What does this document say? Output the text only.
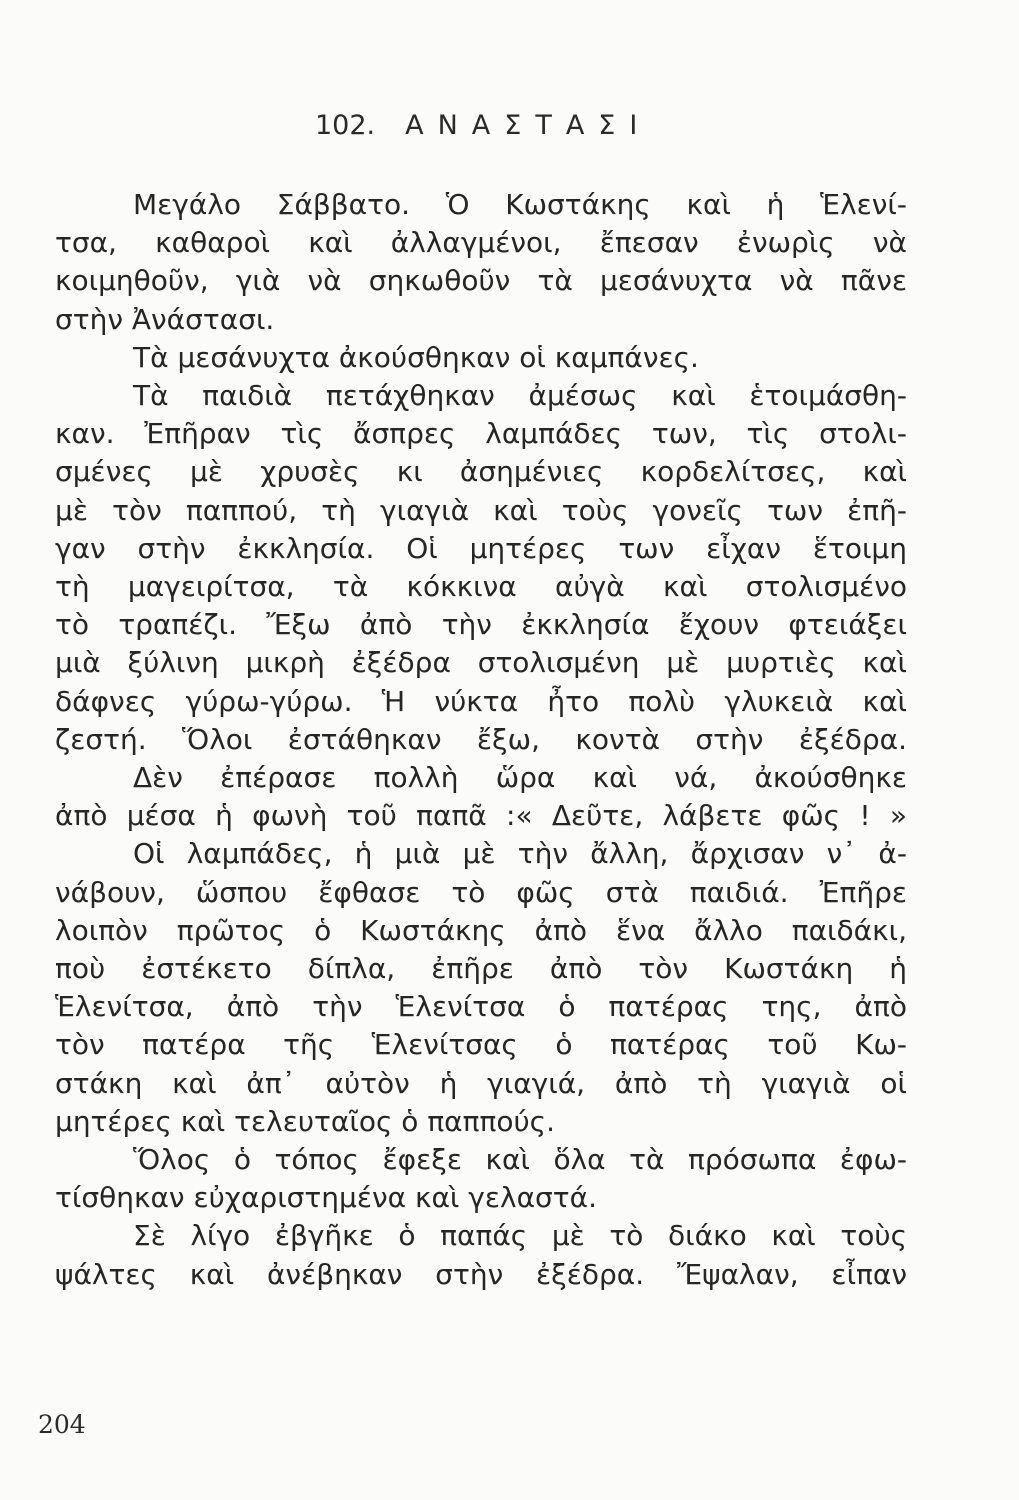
102. ΑΝΑΣΤΑΣΙ
Μεγάλο Σάββατο. Ὁ Κωστάκης καὶ ἡ Ἑλενί-
τσα, καθαροὶ καὶ ἀλλαγμένοι, ἔπεσαν ἐνωρὶς νὰ
κοιμηθοῦν, γιὰ νὰ σηκωθοῦν τὰ μεσάνυχτα νὰ πᾶνε
στὴν Ἀνάστασι.
Τὰ μεσάνυχτα ἀκούσθηκαν οἱ καμπάνες.
Τὰ παιδιὰ πετάχθηκαν ἀμέσως καὶ ἑτοιμάσθη-
καν. Ἐπῆραν τὶς ἄσπρες λαμπάδες των, τὶς στολι-
σμένες μὲ χρυσὲς κι ἀσημένιες κορδελίτσες, καὶ
μὲ τὸν παππού, τὴ γιαγιὰ καὶ τοὺς γονεῖς των ἐπῆ-
γαν στὴν ἐκκλησία. Οἱ μητέρες των εἶχαν ἕτοιμη
τὴ μαγειρίτσα, τὰ κόκκινα αὐγὰ καὶ στολισμένο
τὸ τραπέζι. Ἔξω ἀπὸ τὴν ἐκκλησία ἔχουν φτειάξει
μιὰ ξύλινη μικρὴ ἐξέδρα στολισμένη μὲ μυρτιὲς καὶ
δάφνες γύρω-γύρω. Ἡ νύκτα ἦτο πολὺ γλυκειὰ καὶ
ζεστή. Ὅλοι ἐστάθηκαν ἔξω, κοντὰ στὴν ἐξέδρα.
Δὲν ἐπέρασε πολλὴ ὥρα καὶ νά, ἀκούσθηκε
ἀπὸ μέσα ἡ φωνὴ τοῦ παπᾶ :« Δεῦτε, λάβετε φῶς ! »
Οἱ λαμπάδες, ἡ μιὰ μὲ τὴν ἄλλη, ἄρχισαν ν᾿ ἀ-
νάβουν, ὥσπου ἔφθασε τὸ φῶς στὰ παιδιά. Ἐπῆρε
λοιπὸν πρῶτος ὁ Κωστάκης ἀπὸ ἕνα ἄλλο παιδάκι,
ποὺ ἐστέκετο δίπλα, ἐπῆρε ἀπὸ τὸν Κωστάκη ἡ
Ἑλενίτσα, ἀπὸ τὴν Ἑλενίτσα ὁ πατέρας της, ἀπὸ
τὸν πατέρα τῆς Ἑλενίτσας ὁ πατέρας τοῦ Κω-
στάκη καὶ ἀπ᾿ αὐτὸν ἡ γιαγιά, ἀπὸ τὴ γιαγιὰ οἱ
μητέρες καὶ τελευταῖος ὁ παππούς.
Ὅλος ὁ τόπος ἔφεξε καὶ ὅλα τὰ πρόσωπα ἐφω-
τίσθηκαν εὐχαριστημένα καὶ γελαστά.
Σὲ λίγο ἐβγῆκε ὁ παπάς μὲ τὸ διάκο καὶ τοὺς
ψάλτες καὶ ἀνέβηκαν στὴν ἐξέδρα. Ἔψαλαν, εἶπαν
204
